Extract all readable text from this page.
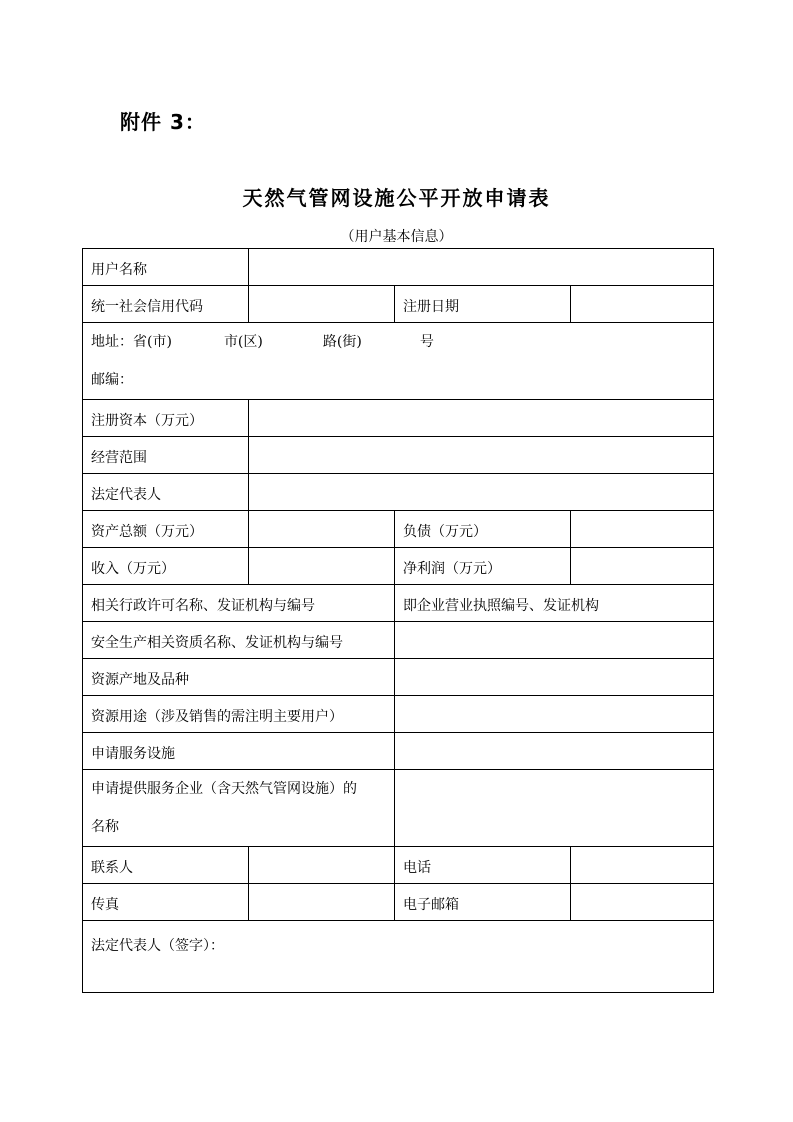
附件 3：
天然气管网设施公平开放申请表
（用户基本信息）
用户名称			
统一社会信用代码		注册日期	

地址：省(市) 市(区) 路(街) 号
邮编：			

注册资本（万元）			
经营范围			
法定代表人			
资产总额（万元）		负债（万元）	
收入（万元）		净利润（万元）	
相关行政许可名称、发证机构与编号		即企业营业执照编号、发证机构	
安全生产相关资质名称、发证机构与编号			
资源产地及品种			
资源用途（涉及销售的需注明主要用户）			
申请服务设施			

申请提供服务企业（含天然气管网设施）的
名称			

联系人		电话	
传真		电子邮箱	
法定代表人（签字）：			
